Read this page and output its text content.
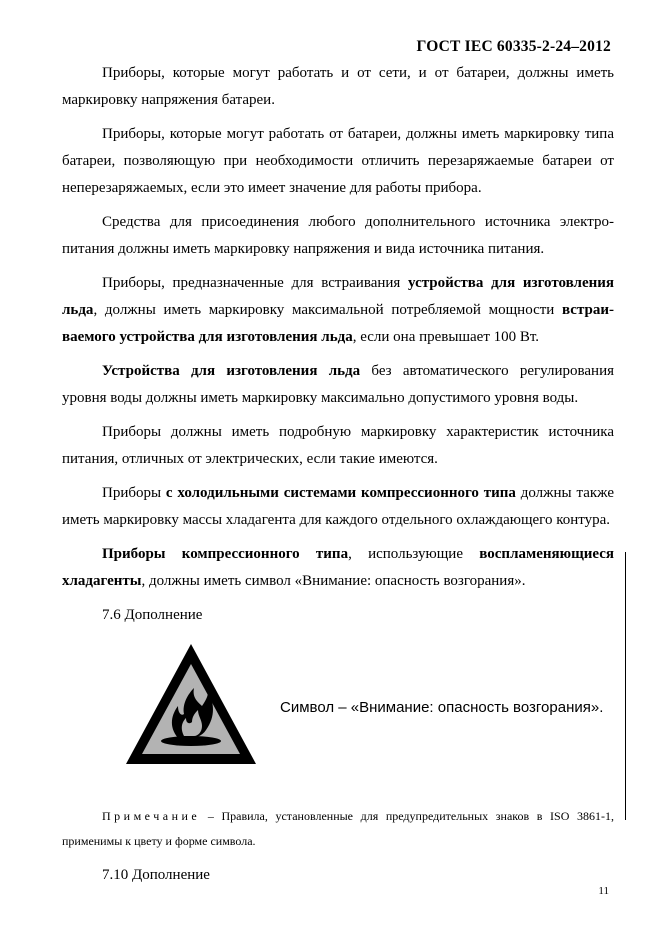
ГОСТ IEC 60335-2-24–2012

Приборы, которые могут работать и от сети, и от батареи, должны иметь маркировку напряжения батареи.

Приборы, которые могут работать от батареи, должны иметь маркировку типа батареи, позволяющую при необходимости отличить перезаряжаемые батареи от неперезаряжаемых, если это имеет значение для работы прибора.

Средства для присоединения любого дополнительного источника электропитания должны иметь маркировку напряжения и вида источника питания.

Приборы, предназначенные для встраивания устройства для изготовления льда, должны иметь маркировку максимальной потребляемой мощности встраиваемого устройства для изготовления льда, если она превышает 100 Вт.

Устройства для изготовления льда без автоматического регулирования уровня воды должны иметь маркировку максимально допустимого уровня воды.

Приборы должны иметь подробную маркировку характеристик источника питания, отличных от электрических, если такие имеются.

Приборы с холодильными системами компрессионного типа должны также иметь маркировку массы хладагента для каждого отдельного охлаждающего контура.

Приборы компрессионного типа, использующие воспламеняющиеся хладагенты, должны иметь символ «Внимание: опасность возгорания».

7.6 Дополнение

Символ – «Внимание: опасность возгорания».
Примечание – Правила, установленные для предупредительных знаков в ISO 3861-1, применимы к цвету и форме символа.

7.10 Дополнение

11
